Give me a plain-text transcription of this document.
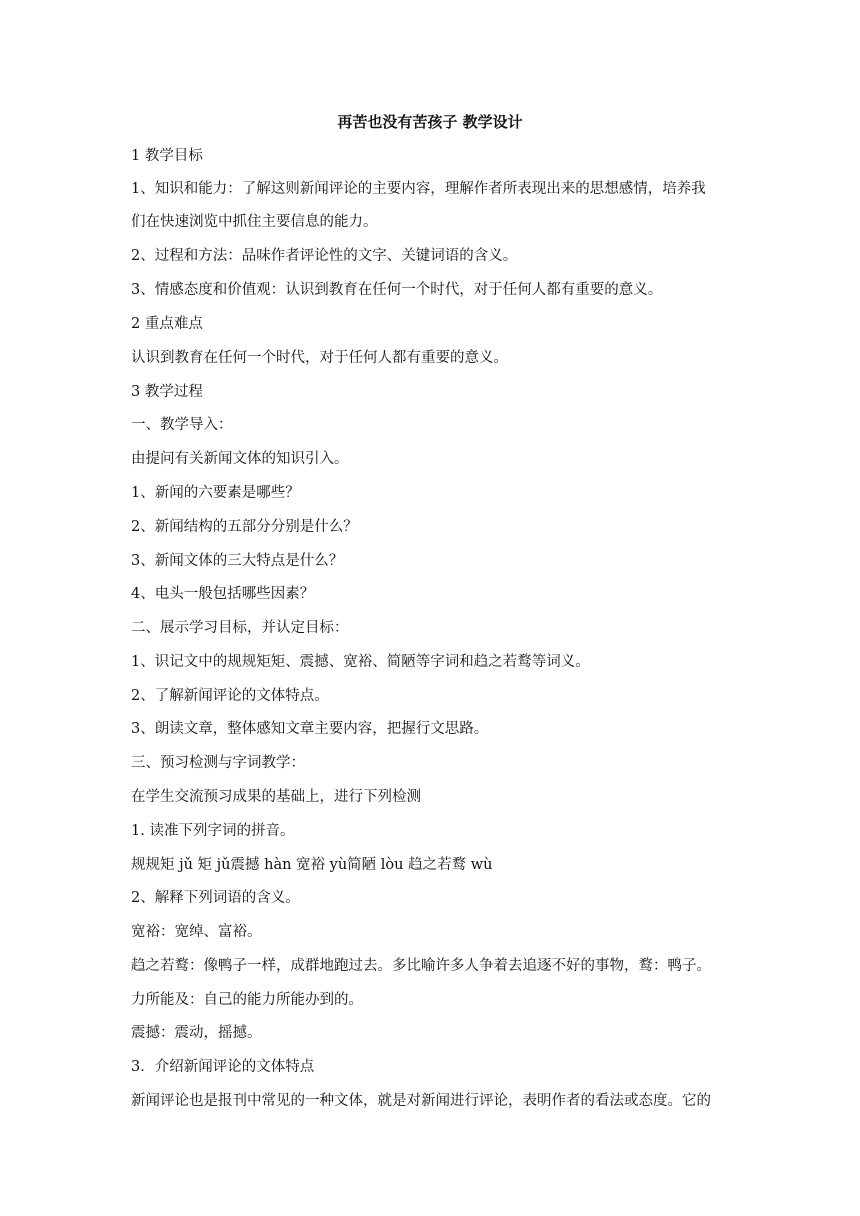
再苦也没有苦孩子 教学设计
1 教学目标
1、知识和能力：了解这则新闻评论的主要内容，理解作者所表现出来的思想感情，培养我
们在快速浏览中抓住主要信息的能力。
2、过程和方法：品味作者评论性的文字、关键词语的含义。
3、情感态度和价值观：认识到教育在任何一个时代，对于任何人都有重要的意义。
2 重点难点
认识到教育在任何一个时代，对于任何人都有重要的意义。
3 教学过程
一、教学导入：
由提问有关新闻文体的知识引入。
1、新闻的六要素是哪些？
2、新闻结构的五部分分别是什么？
3、新闻文体的三大特点是什么？
4、电头一般包括哪些因素？
二、展示学习目标，并认定目标：
1、识记文中的规规矩矩、震撼、宽裕、简陋等字词和趋之若鹜等词义。
2、了解新闻评论的文体特点。
3、朗读文章，整体感知文章主要内容，把握行文思路。
三、预习检测与字词教学：
在学生交流预习成果的基础上，进行下列检测
1. 读准下列字词的拼音。
规规矩 jǔ 矩 jǔ震撼 hàn 宽裕 yù简陋 lòu 趋之若鹜 wù
2、解释下列词语的含义。
宽裕：宽绰、富裕。
趋之若鹜：像鸭子一样，成群地跑过去。多比喻许多人争着去追逐不好的事物，鹜：鸭子。
力所能及：自己的能力所能办到的。
震撼：震动，摇撼。
3．介绍新闻评论的文体特点
新闻评论也是报刊中常见的一种文体，就是对新闻进行评论，表明作者的看法或态度。它的
